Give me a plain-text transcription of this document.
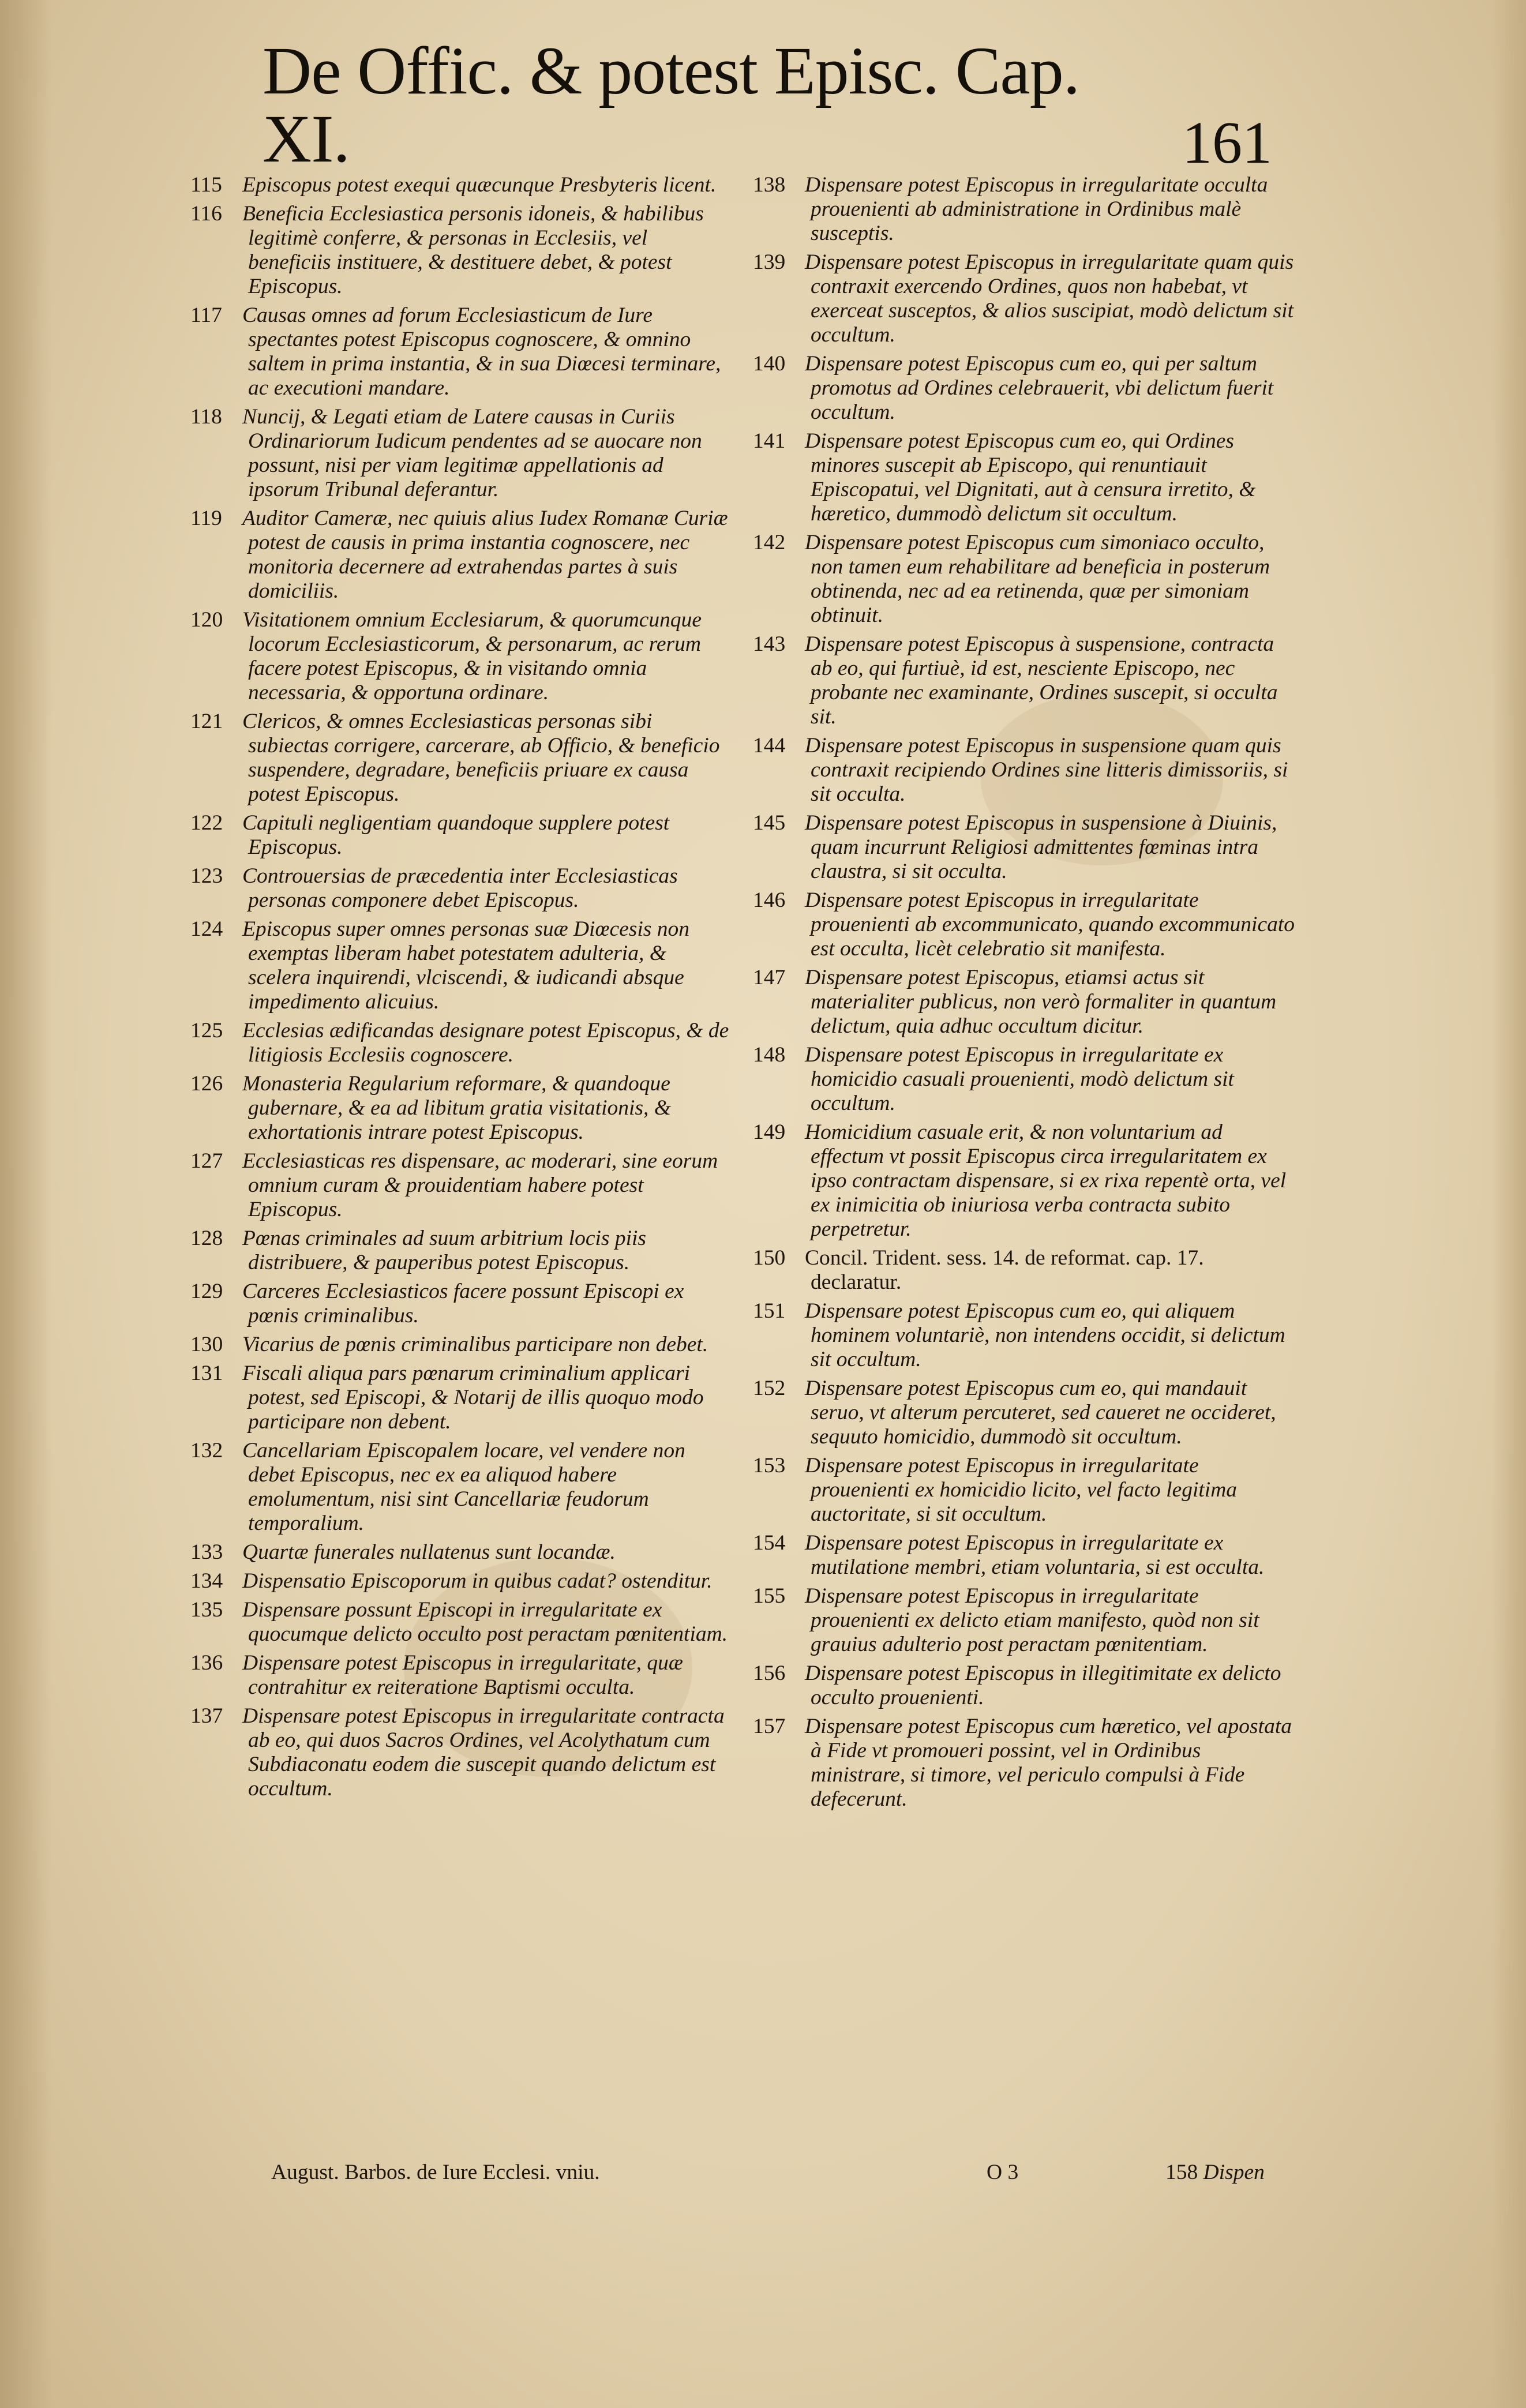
De Offic. & potest Episc. Cap. XI.	161
115 Episcopus potest exequi quæcunque Presbyteris licent.
116 Beneficia Ecclesiastica personis idoneis, & habilibus legitimè conferre, & personas in Ecclesiis, vel beneficiis instituere, & destituere debet, & potest Episcopus.
117 Causas omnes ad forum Ecclesiasticum de Iure spectantes potest Episcopus cognoscere, & omnino saltem in prima instantia, & in sua Diœcesi terminare, ac executioni mandare.
118 Nuncij, & Legati etiam de Latere causas in Curiis Ordinariorum Iudicum pendentes ad se auocare non possunt, nisi per viam legitimæ appellationis ad ipsorum Tribunal deferantur.
119 Auditor Cameræ, nec quiuis alius Iudex Romanæ Curiæ potest de causis in prima instantia cognoscere, nec monitoria decernere ad extrahendas partes à suis domiciliis.
120 Visitationem omnium Ecclesiarum, & quorumcunque locorum Ecclesiasticorum, & personarum, ac rerum facere potest Episcopus, & in visitando omnia necessaria, & opportuna ordinare.
121 Clericos, & omnes Ecclesiasticas personas sibi subiectas corrigere, carcerare, ab Officio, & beneficio suspendere, degradare, beneficiis priuare ex causa potest Episcopus.
122 Capituli negligentiam quandoque supplere potest Episcopus.
123 Controuersias de præcedentia inter Ecclesiasticas personas componere debet Episcopus.
124 Episcopus super omnes personas suæ Diœcesis non exemptas liberam habet potestatem adulteria, & scelera inquirendi, vlciscendi, & iudicandi absque impedimento alicuius.
125 Ecclesias ædificandas designare potest Episcopus, & de litigiosis Ecclesiis cognoscere.
126 Monasteria Regularium reformare, & quandoque gubernare, & ea ad libitum gratia visitationis, & exhortationis intrare potest Episcopus.
127 Ecclesiasticas res dispensare, ac moderari, sine eorum omnium curam & prouidentiam habere potest Episcopus.
128 Pœnas criminales ad suum arbitrium locis piis distribuere, & pauperibus potest Episcopus.
129 Carceres Ecclesiasticos facere possunt Episcopi ex pœnis criminalibus.
130 Vicarius de pœnis criminalibus participare non debet.
131 Fiscali aliqua pars pœnarum criminalium applicari potest, sed Episcopi, & Notarij de illis quoquo modo participare non debent.
132 Cancellariam Episcopalem locare, vel vendere non debet Episcopus, nec ex ea aliquod habere emolumentum, nisi sint Cancellariæ feudorum temporalium.
133 Quartæ funerales nullatenus sunt locandæ.
134 Dispensatio Episcoporum in quibus cadat? ostenditur.
135 Dispensare possunt Episcopi in irregularitate ex quocumque delicto occulto post peractam pœnitentiam.
136 Dispensare potest Episcopus in irregularitate, quæ contrahitur ex reiteratione Baptismi occulta.
137 Dispensare potest Episcopus in irregularitate contracta ab eo, qui duos Sacros Ordines, vel Acolythatum cum Subdiaconatu eodem die suscepit quando delictum est occultum.
138 Dispensare potest Episcopus in irregularitate occulta prouenienti ab administratione in Ordinibus malè susceptis.
139 Dispensare potest Episcopus in irregularitate quam quis contraxit exercendo Ordines, quos non habebat, vt exerceat susceptos, & alios suscipiat, modò delictum sit occultum.
140 Dispensare potest Episcopus cum eo, qui per saltum promotus ad Ordines celebrauerit, vbi delictum fuerit occultum.
141 Dispensare potest Episcopus cum eo, qui Ordines minores suscepit ab Episcopo, qui renuntiauit Episcopatui, vel Dignitati, aut à censura irretito, & hæretico, dummodò delictum sit occultum.
142 Dispensare potest Episcopus cum simoniaco occulto, non tamen eum rehabilitare ad beneficia in posterum obtinenda, nec ad ea retinenda, quæ per simoniam obtinuit.
143 Dispensare potest Episcopus à suspensione, contracta ab eo, qui furtiuè, id est, nesciente Episcopo, nec probante nec examinante, Ordines suscepit, si occulta sit.
144 Dispensare potest Episcopus in suspensione quam quis contraxit recipiendo Ordines sine litteris dimissoriis, si sit occulta.
145 Dispensare potest Episcopus in suspensione à Diuinis, quam incurrunt Religiosi admittentes fœminas intra claustra, si sit occulta.
146 Dispensare potest Episcopus in irregularitate prouenienti ab excommunicato, quando excommunicato est occulta, licèt celebratio sit manifesta.
147 Dispensare potest Episcopus, etiamsi actus sit materialiter publicus, non verò formaliter in quantum delictum, quia adhuc occultum dicitur.
148 Dispensare potest Episcopus in irregularitate ex homicidio casuali prouenienti, modò delictum sit occultum.
149 Homicidium casuale erit, & non voluntarium ad effectum vt possit Episcopus circa irregularitatem ex ipso contractam dispensare, si ex rixa repentè orta, vel ex inimicitia ob iniuriosa verba contracta subito perpetretur.
150 Concil. Trident. sess. 14. de reformat. cap. 17. declaratur.
151 Dispensare potest Episcopus cum eo, qui aliquem hominem voluntariè, non intendens occidit, si delictum sit occultum.
152 Dispensare potest Episcopus cum eo, qui mandauit seruo, vt alterum percuteret, sed caueret ne occideret, sequuto homicidio, dummodò sit occultum.
153 Dispensare potest Episcopus in irregularitate prouenienti ex homicidio licito, vel facto legitima auctoritate, si sit occultum.
154 Dispensare potest Episcopus in irregularitate ex mutilatione membri, etiam voluntaria, si est occulta.
155 Dispensare potest Episcopus in irregularitate prouenienti ex delicto etiam manifesto, quòd non sit grauius adulterio post peractam pœnitentiam.
156 Dispensare potest Episcopus in illegitimitate ex delicto occulto prouenienti.
157 Dispensare potest Episcopus cum hæretico, vel apostata à Fide vt promoueri possint, vel in Ordinibus ministrare, si timore, vel periculo compulsi à Fide defecerunt.
August. Barbos. de Iure Ecclesi. vniu.	O 3	158 Dispen
